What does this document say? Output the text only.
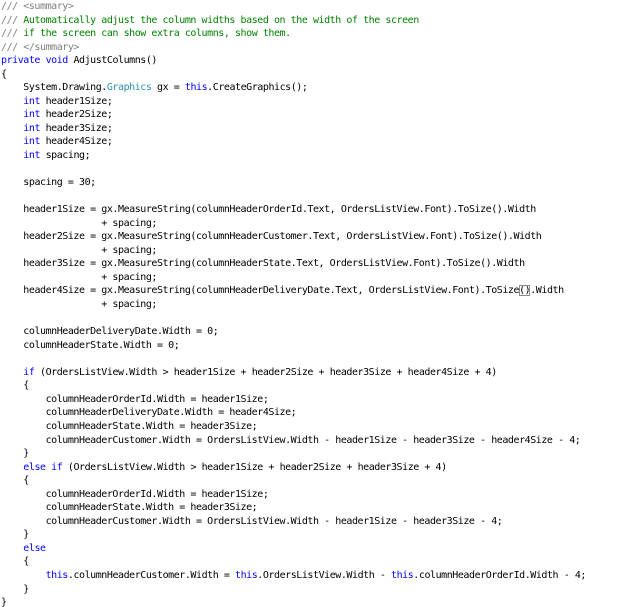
/// <summary>
/// Automatically adjust the column widths based on the width of the screen
/// if the screen can show extra columns, show them.
/// </summary>
private void AdjustColumns()
{
System.Drawing.Graphics gx = this.CreateGraphics();
int header1Size;
int header2Size;
int header3Size;
int header4Size;
int spacing;

spacing = 30;

header1Size = gx.MeasureString(columnHeaderOrderId.Text, OrdersListView.Font).ToSize().Width
+ spacing;
header2Size = gx.MeasureString(columnHeaderCustomer.Text, OrdersListView.Font).ToSize().Width
+ spacing;
header3Size = gx.MeasureString(columnHeaderState.Text, OrdersListView.Font).ToSize().Width
+ spacing;
header4Size = gx.MeasureString(columnHeaderDeliveryDate.Text, OrdersListView.Font).ToSize().Width
+ spacing;

columnHeaderDeliveryDate.Width = 0;
columnHeaderState.Width = 0;

if (OrdersListView.Width > header1Size + header2Size + header3Size + header4Size + 4)
{
columnHeaderOrderId.Width = header1Size;
columnHeaderDeliveryDate.Width = header4Size;
columnHeaderState.Width = header3Size;
columnHeaderCustomer.Width = OrdersListView.Width - header1Size - header3Size - header4Size - 4;
}
else if (OrdersListView.Width > header1Size + header2Size + header3Size + 4)
{
columnHeaderOrderId.Width = header1Size;
columnHeaderState.Width = header3Size;
columnHeaderCustomer.Width = OrdersListView.Width - header1Size - header3Size - 4;
}
else
{
this.columnHeaderCustomer.Width = this.OrdersListView.Width - this.columnHeaderOrderId.Width - 4;
}
}
